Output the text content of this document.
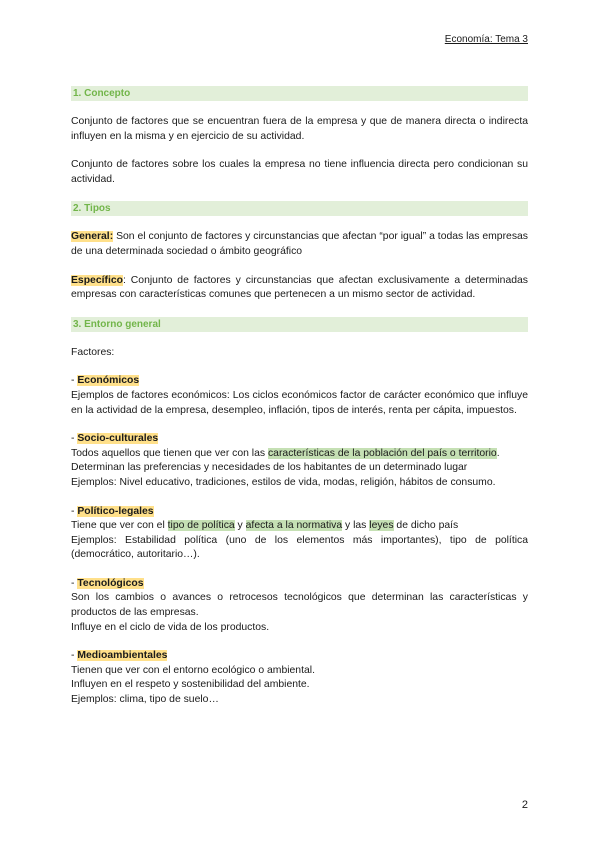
Economía: Tema 3
1. Concepto

Conjunto de factores que se encuentran fuera de la empresa y que de manera directa o indirecta influyen en la misma y en ejercicio de su actividad.

Conjunto de factores sobre los cuales la empresa no tiene influencia directa pero condicionan su actividad.

2. Tipos

General: Son el conjunto de factores y circunstancias que afectan “por igual” a todas las empresas de una determinada sociedad o ámbito geográfico

Específico: Conjunto de factores y circunstancias que afectan exclusivamente a determinadas empresas con características comunes que pertenecen a un mismo sector de actividad.

3. Entorno general

Factores:

- Económicos

Ejemplos de factores económicos: Los ciclos económicos factor de carácter económico que influye en la actividad de la empresa, desempleo, inflación, tipos de interés, renta per cápita, impuestos.

- Socio-culturales

Todos aquellos que tienen que ver con las características de la población del país o territorio.

Determinan las preferencias y necesidades de los habitantes de un determinado lugar

Ejemplos: Nivel educativo, tradiciones, estilos de vida, modas, religión, hábitos de consumo.

- Político-legales

Tiene que ver con el tipo de política y afecta a la normativa y las leyes de dicho país

Ejemplos: Estabilidad política (uno de los elementos más importantes), tipo de política (democrático, autoritario…).

- Tecnológicos

Son los cambios o avances o retrocesos tecnológicos que determinan las características y productos de las empresas.

Influye en el ciclo de vida de los productos.

- Medioambientales

Tienen que ver con el entorno ecológico o ambiental.

Influyen en el respeto y sostenibilidad del ambiente.

Ejemplos: clima, tipo de suelo…

2
